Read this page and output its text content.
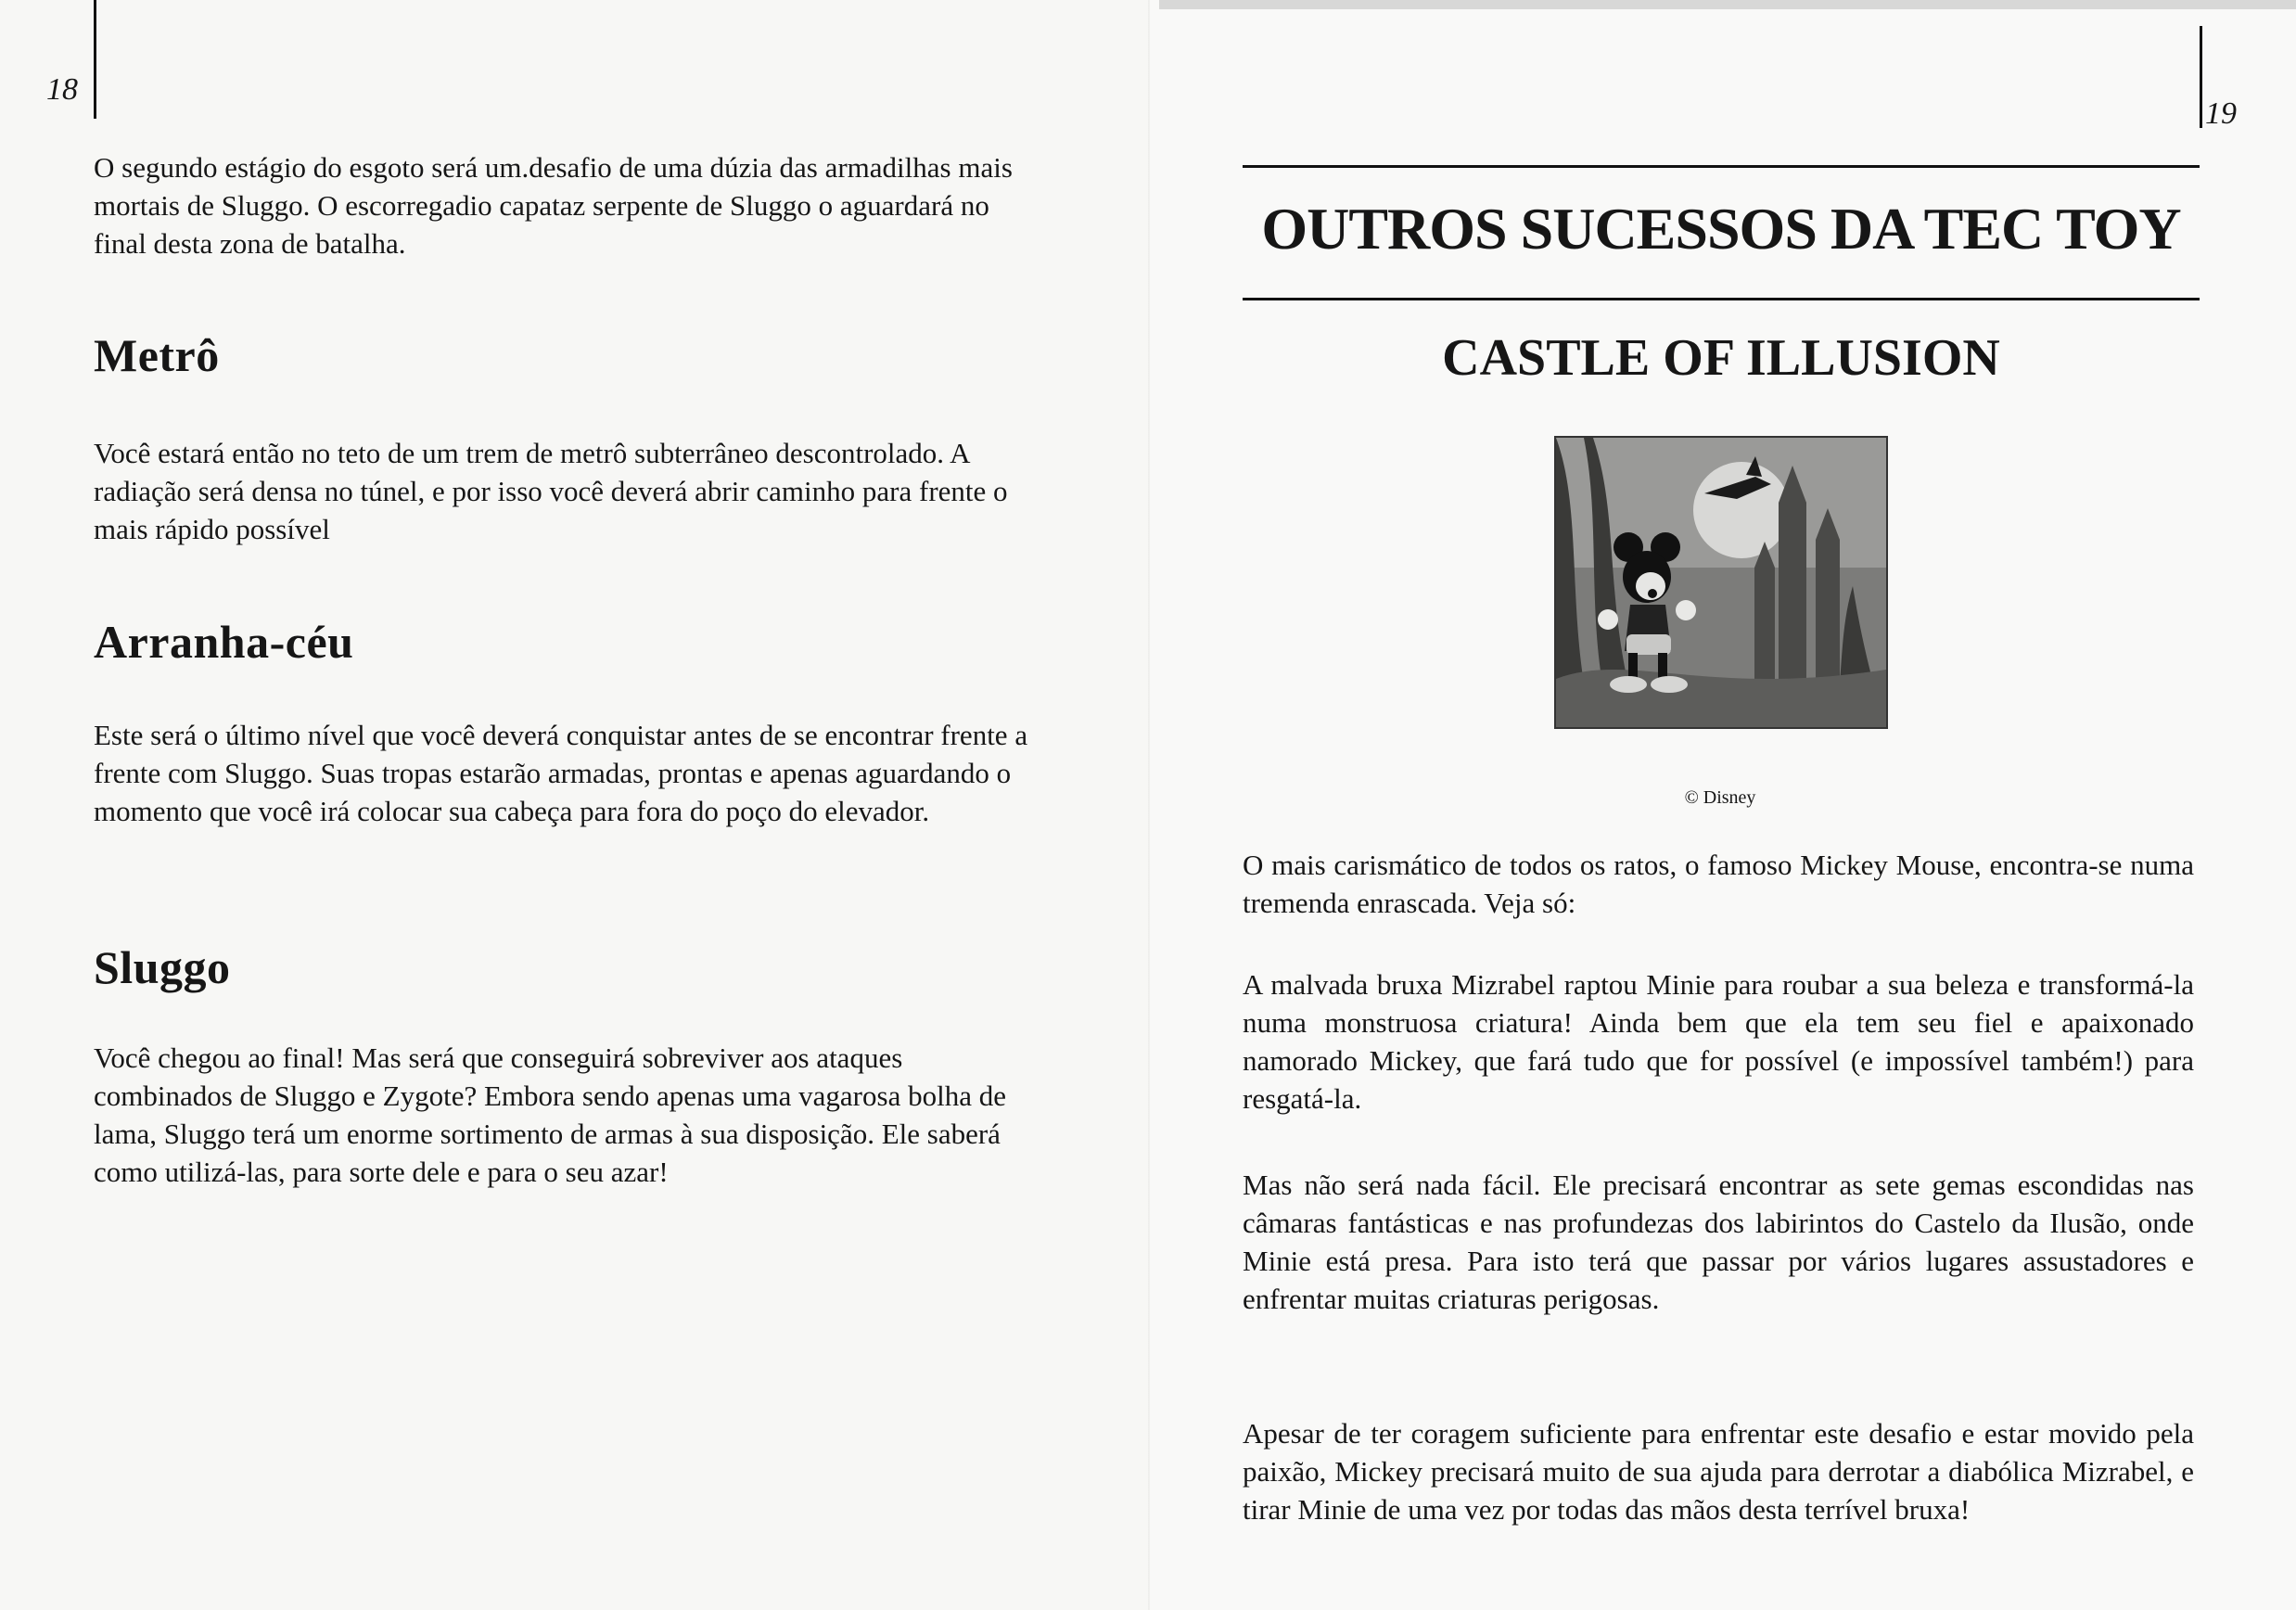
18

O segundo estágio do esgoto será um.desafio de uma dúzia das armadilhas mais mortais de Sluggo. O escorregadio capataz serpente de Sluggo o aguardará no final desta zona de batalha.

Metrô

Você estará então no teto de um trem de metrô subterrâneo descontrolado. A radiação será densa no túnel, e por isso você deverá abrir caminho para frente o mais rápido possível

Arranha-céu

Este será o último nível que você deverá conquistar antes de se encontrar frente a frente com Sluggo. Suas tropas estarão armadas, prontas e apenas aguardando o momento que você irá colocar sua cabeça para fora do poço do elevador.

Sluggo

Você chegou ao final! Mas será que conseguirá sobreviver aos ataques combinados de Sluggo e Zygote? Embora sendo apenas uma vagarosa bolha de lama, Sluggo terá um enorme sortimento de armas à sua disposição. Ele saberá como utilizá-las, para sorte dele e para o seu azar!

19
OUTROS SUCESSOS DA TEC TOY
CASTLE OF ILLUSION

© Disney

O mais carismático de todos os ratos, o famoso Mickey Mouse, encontra-se numa tremenda enrascada. Veja só:

A malvada bruxa Mizrabel raptou Minie para roubar a sua beleza e transformá-la numa monstruosa criatura! Ainda bem que ela tem seu fiel e apaixonado namorado Mickey, que fará tudo que for possível (e impossível também!) para resgatá-la.

Mas não será nada fácil. Ele precisará encontrar as sete gemas escondidas nas câmaras fantásticas e nas profundezas dos labirintos do Castelo da Ilusão, onde Minie está presa. Para isto terá que passar por vários lugares assustadores e enfrentar muitas criaturas perigosas.

Apesar de ter coragem suficiente para enfrentar este desafio e estar movido pela paixão, Mickey precisará muito de sua ajuda para derrotar a diabólica Mizrabel, e tirar Minie de uma vez por todas das mãos desta terrível bruxa!
